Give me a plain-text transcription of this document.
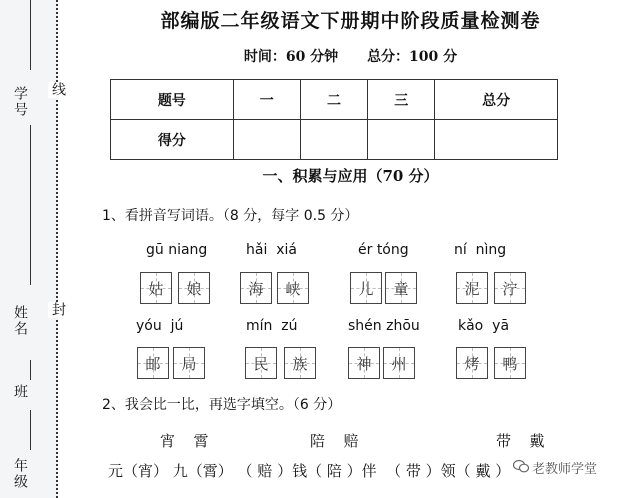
学号 线
姓名 封
班
年级
部编版二年级语文下册期中阶段质量检测卷
时间：60 分钟 总分：100 分
题号	一	二	三	总分
得分				
一、积累与应用（70 分）
1、看拼音写词语。（8 分，每字 0.5 分）
gū niang	hǎi  xiá	ér tóng	ní  nìng
姑 娘	海 峡	儿 童	泥 泞
yóu  jú	mín  zú	shén zhōu	kǎo  yā
邮 局	民 族	神 州	烤 鸭
2、我会比一比，再选字填空。（6 分）
宵  霄	陪  赔	带  戴
元（宵） 九（霄） （ 赔 ）钱（ 陪 ）伴  （ 带 ）领（ 戴 ） 老教师学堂
